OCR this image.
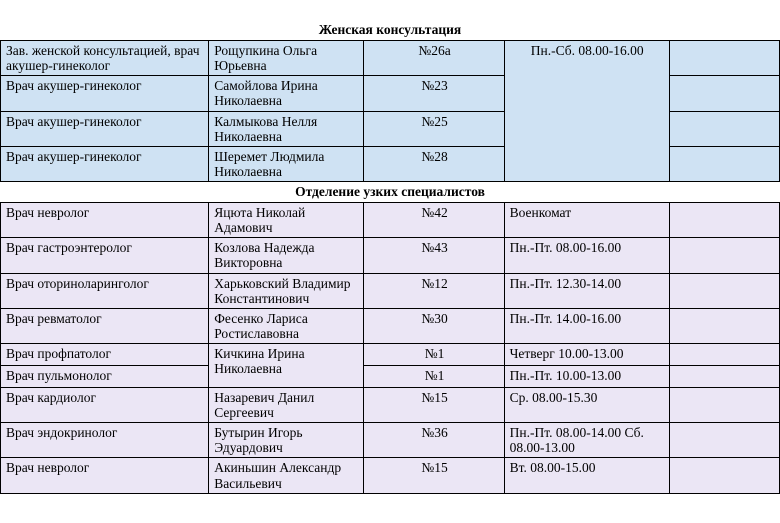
Женская консультация				
Зав. женской консультацией, врач акушер-гинеколог	Рощупкина Ольга Юрьевна	№26а	Пн.-Сб. 08.00-16.00	
Врач акушер-гинеколог	Самойлова Ирина Николаевна	№23		
Врач акушер-гинеколог	Калмыкова Нелля Николаевна	№25		
Врач акушер-гинеколог	Шеремет Людмила Николаевна	№28		
Отделение узких специалистов				
Врач невролог	Яцюта Николай Адамович	№42	Военкомат	
Врач гастроэнтеролог	Козлова Надежда Викторовна	№43	Пн.-Пт. 08.00-16.00	
Врач оториноларинголог	Харьковский Владимир Константинович	№12	Пн.-Пт. 12.30-14.00	
Врач ревматолог	Фесенко Лариса Ростиславовна	№30	Пн.-Пт. 14.00-16.00	
Врач профпатолог	Кичкина Ирина Николаевна	№1	Четверг 10.00-13.00	
Врач пульмонолог		№1	Пн.-Пт. 10.00-13.00	
Врач кардиолог	Назаревич Данил Сергеевич	№15	Ср. 08.00-15.30	
Врач эндокринолог	Бутырин Игорь Эдуардович	№36	Пн.-Пт. 08.00-14.00 Сб. 08.00-13.00	
Врач невролог	Акиньшин Александр Васильевич	№15	Вт. 08.00-15.00	
